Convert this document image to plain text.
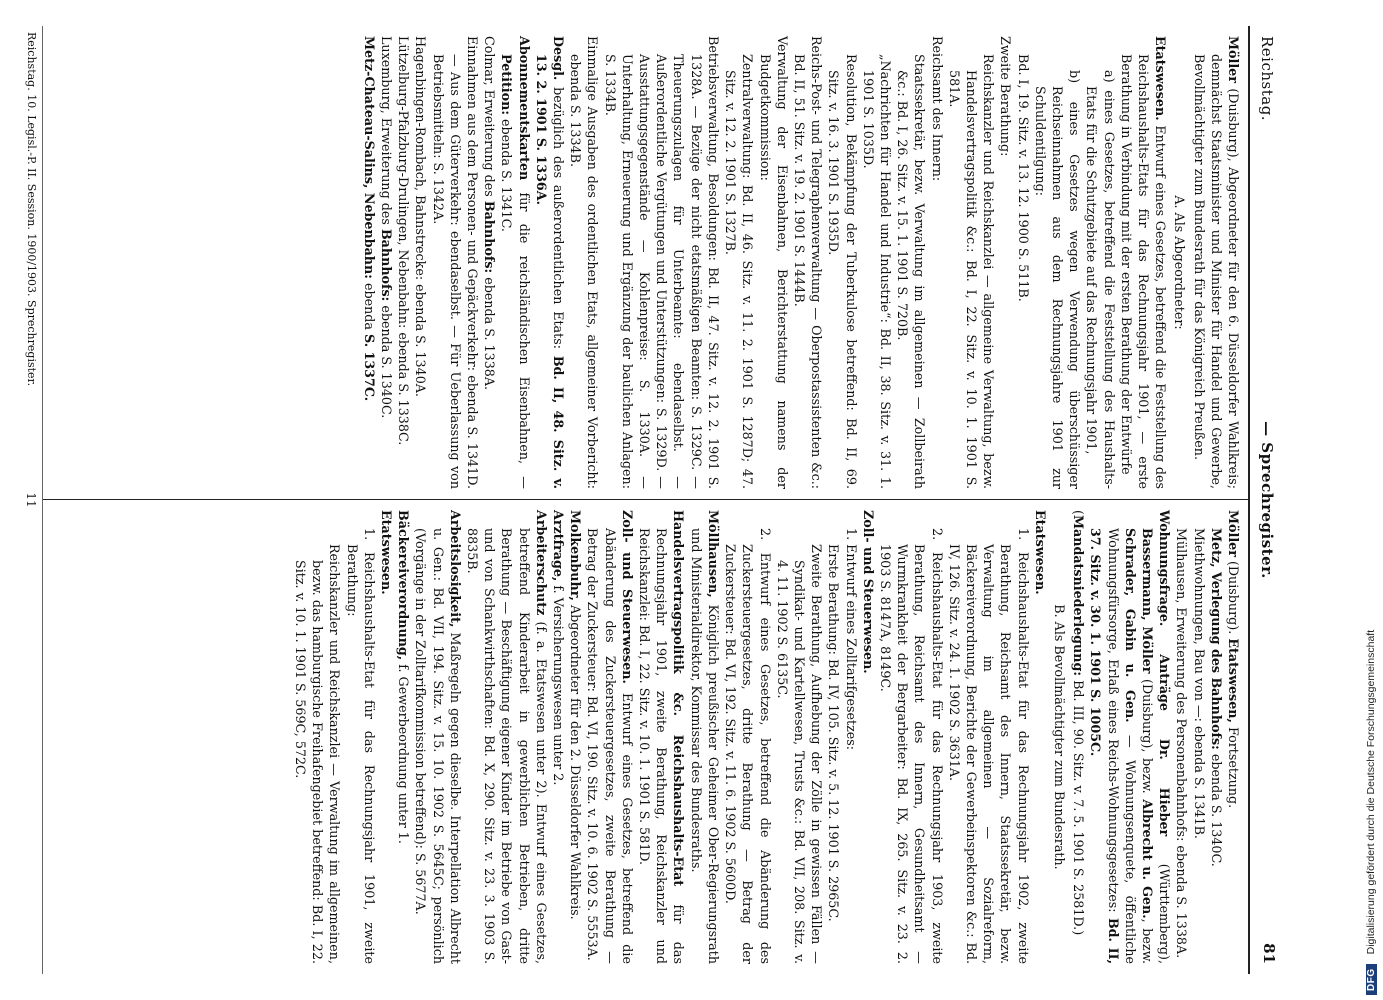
Reichstag.
— Sprechregister.
81

Möller (Duisburg), Abgeordneter für den 6. Düsseldorfer Wahlkreis; demnächst Staatsminister und Minister für Handel und Gewerbe, Bevollmächtigter zum Bundesrath für das Königreich Preußen.

A. Als Abgeordneter:

Etatswesen. Entwurf eines Gesetzes, betreffend die Feststellung des Reichshaushalts-Etats für das Rechnungsjahr 1901, — erste Berathung in Verbindung mit der ersten Berathung der Entwürfe

a) eines Gesetzes, betreffend die Feststellung des Haushalts-Etats für die Schutzgebiete auf das Rechnungsjahr 1901,

b) eines Gesetzes wegen Verwendung überschüssiger Reichseinnahmen aus dem Rechnungsjahre 1901 zur Schuldentilgung:

Bd. I, 19. Sitz. v. 13. 12. 1900 S. 511B.

Zweite Berathung:

Reichskanzler und Reichskanzlei — allgemeine Verwaltung, bezw. Handelsvertragspolitik &c.: Bd. I, 22. Sitz. v. 10. 1. 1901 S. 581A.

Reichsamt des Innern:

Staatssekretär, bezw. Verwaltung im allgemeinen — Zollbeirath &c.: Bd. I, 26. Sitz. v. 15. 1. 1901 S. 720B.

„Nachrichten für Handel und Industrie“: Bd. II, 38. Sitz. v. 31. 1. 1901 S. 1035D.

Resolution, Bekämpfung der Tuberkulose betreffend: Bd. II, 69. Sitz. v. 16. 3. 1901 S. 1935D.

Reichs-Post- und Telegraphenverwaltung — Oberpostassistenten &c.: Bd. II, 51. Sitz. v. 19. 2. 1901 S. 1444B.

Verwaltung der Eisenbahnen, Berichterstattung namens der Budgetkommission:

Zentralverwaltung: Bd. II, 46. Sitz. v. 11. 2. 1901 S. 1287D; 47. Sitz. v. 12. 2. 1901 S. 1327B.

Betriebsverwaltung, Besoldungen: Bd. II, 47. Sitz. v. 12. 2. 1901 S. 1328A. — Bezüge der nicht etatsmäßigen Beamten: S. 1329C. — Theuerungszulagen für Unterbeamte: ebendaselbst. — Außerordentliche Vergütungen und Unterstützungen: S. 1329D. — Ausstattungsgegenstände — Kohlenpreise: S. 1330A. — Unterhaltung, Erneuerung und Ergänzung der baulichen Anlagen: S. 1334B.

Einmalige Ausgaben des ordentlichen Etats, allgemeiner Vorbericht: ebenda S. 1334B.

Desgl. bezüglich des außerordentlichen Etats: Bd. II, 48. Sitz. v. 13. 2. 1901 S. 1336A.

Abonnementskarten für die reichsländischen Eisenbahnen, — Petition: ebenda S. 1341C.

Colmar, Erweiterung des Bahnhofs: ebenda S. 1338A.

Einnahmen aus dem Personen- und Gepäckverkehr: ebenda S. 1341D. — Aus dem Güterverkehr: ebendaselbst. — Für Ueberlassung von Betriebsmitteln: S. 1342A.

Hagenbingen-Rombach, Bahnstrecke: ebenda S. 1340A.

Lützelburg-Pfalzburg-Drulingen, Nebenbahn: ebenda S. 1338C.

Luxemburg, Erweiterung des Bahnhofs: ebenda S. 1340C.

Metz-Chateau-Salins, Nebenbahn: ebenda S. 1337C.

Möller (Duisburg). Etatswesen, Fortsetzung.

Metz, Verlegung des Bahnhofs: ebenda S. 1340C.

Miethwohnungen, Bau von —: ebenda S. 1341B.

Mülhausen, Erweiterung des Personenbahnhofs: ebenda S. 1338A.

Wohnungsfrage. Anträge Dr. Hieber (Württemberg), Bassermann, Möller (Duisburg), bezw. Albrecht u. Gen., bezw. Schrader, Gabin u. Gen. — Wohnungsenquete, öffentliche Wohnungsfürsorge, Erlaß eines Reichs-Wohnungsgesetzes: Bd. II, 37. Sitz. v. 30. 1. 1901 S. 1005C.

(Mandatsniederlegung: Bd. III, 90. Sitz. v. 7. 5. 1901 S. 2581D.)

B. Als Bevollmächtigter zum Bundesrath.

Etatswesen.

1. Reichshaushalts-Etat für das Rechnungsjahr 1902, zweite Berathung, Reichsamt des Innern, Staatssekretär, bezw. Verwaltung im allgemeinen — Sozialreform, Bäckereiverordnung, Berichte der Gewerbeinspektoren &c.: Bd. IV, 126. Sitz. v. 24. 1. 1902 S. 3631A.

2. Reichshaushalts-Etat für das Rechnungsjahr 1903, zweite Berathung, Reichsamt des Innern, Gesundheitsamt — Wurmkrankheit der Bergarbeiter: Bd. IX, 265. Sitz. v. 23. 2. 1903 S. 8147A, 8149C.

Zoll- und Steuerwesen.

1. Entwurf eines Zolltarifgesetzes:

Erste Berathung: Bd. IV, 105. Sitz. v. 5. 12. 1901 S. 2965C.

Zweite Berathung, Aufhebung der Zölle in gewissen Fällen — Syndikat- und Kartellwesen, Trusts &c.: Bd. VII, 208. Sitz. v. 4. 11. 1902 S. 6135C.

2. Entwurf eines Gesetzes, betreffend die Abänderung des Zuckersteuergesetzes, dritte Berathung — Betrag der Zuckersteuer: Bd. VI, 192. Sitz. v. 11. 6. 1902 S. 5600D.

Möllhausen, Königlich preußischer Geheimer Ober-Regierungsrath und Ministerialdirektor, Kommissar des Bundesraths.

Handelsvertragspolitik &c. Reichshaushalts-Etat für das Rechnungsjahr 1901, zweite Berathung, Reichskanzler und Reichskanzlei: Bd. I, 22. Sitz. v. 10. 1. 1901 S. 581D.

Zoll- und Steuerwesen. Entwurf eines Gesetzes, betreffend die Abänderung des Zuckersteuergesetzes, zweite Berathung — Betrag der Zuckersteuer: Bd. VI, 190. Sitz. v. 10. 6. 1902 S. 5553A.

Molkenbuhr, Abgeordneter für den 2. Düsseldorfer Wahlkreis.

Arztfrage, f. Versicherungswesen unter 2.

Arbeiterschutz (f. a. Etatswesen unter 2). Entwurf eines Gesetzes, betreffend Kinderarbeit in gewerblichen Betrieben, dritte Berathung — Beschäftigung eigener Kinder im Betriebe von Gast- und von Schankwirthschaften: Bd. X, 290. Sitz. v. 23. 3. 1903 S. 8835B.

Arbeitslosigkeit, Maßregeln gegen dieselbe. Interpellation Albrecht u. Gen.: Bd. VII, 194. Sitz. v. 15. 10. 1902 S. 5645C; persönlich (Vorgänge in der Zolltarifkommission betreffend): S. 5677A.

Bäckereiverordnung, f. Gewerbeordnung unter 1.

Etatswesen.

1. Reichshaushalts-Etat für das Rechnungsjahr 1901, zweite Berathung:

Reichskanzler und Reichskanzlei — Verwaltung im allgemeinen, bezw. das hamburgische Freihafengebiet betreffend: Bd. I, 22. Sitz. v. 10. 1. 1901 S. 569C, 572C.

Reichstag. 10. Legisl.-P. II. Session. 1900/1903. Sprechregister.
11
DFG
Digitalisierung gefördert durch die Deutsche Forschungsgemeinschaft
